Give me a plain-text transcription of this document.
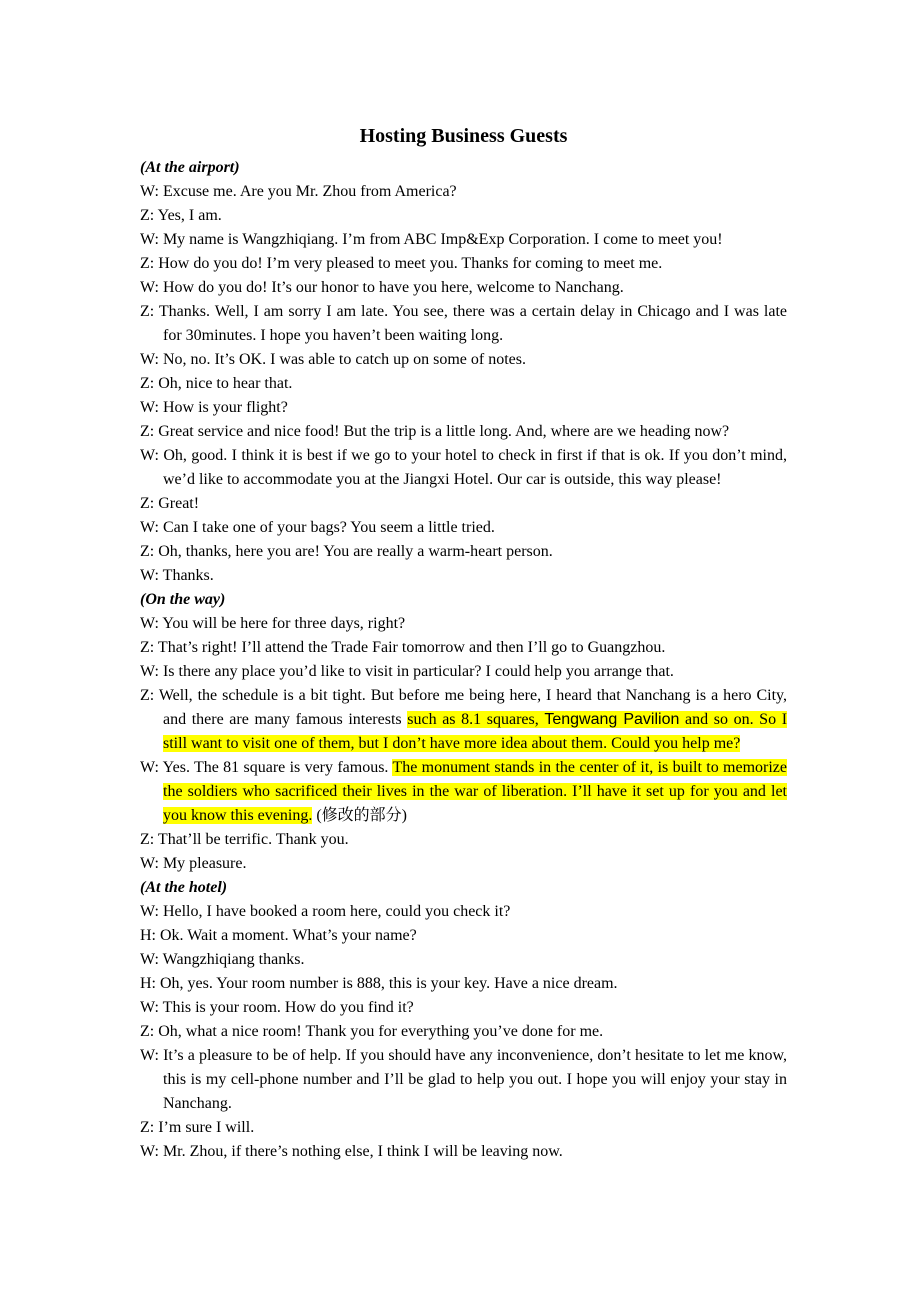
Hosting Business Guests

(At the airport)

W: Excuse me. Are you Mr. Zhou from America?

Z: Yes, I am.

W: My name is Wangzhiqiang. I’m from ABC Imp&Exp Corporation. I come to meet you!

Z: How do you do! I’m very pleased to meet you. Thanks for coming to meet me.

W: How do you do! It’s our honor to have you here, welcome to Nanchang.

Z: Thanks. Well, I am sorry I am late. You see, there was a certain delay in Chicago and I was late for 30minutes. I hope you haven’t been waiting long.

W: No, no. It’s OK. I was able to catch up on some of notes.

Z: Oh, nice to hear that.

W: How is your flight?

Z: Great service and nice food! But the trip is a little long. And, where are we heading now?

W: Oh, good. I think it is best if we go to your hotel to check in first if that is ok. If you don’t mind, we’d like to accommodate you at the Jiangxi Hotel. Our car is outside, this way please!

Z: Great!

W: Can I take one of your bags? You seem a little tried.

Z: Oh, thanks, here you are! You are really a warm-heart person.

W: Thanks.

(On the way)

W: You will be here for three days, right?

Z: That’s right! I’ll attend the Trade Fair tomorrow and then I’ll go to Guangzhou.

W: Is there any place you’d like to visit in particular? I could help you arrange that.

Z: Well, the schedule is a bit tight. But before me being here, I heard that Nanchang is a hero City, and there are many famous interests such as 8.1 squares, Tengwang Pavilion and so on. So I still want to visit one of them, but I don’t have more idea about them. Could you help me?

W: Yes. The 81 square is very famous. The monument stands in the center of it, is built to memorize the soldiers who sacrificed their lives in the war of liberation. I’ll have it set up for you and let you know this evening. (修改的部分)

Z: That’ll be terrific. Thank you.

W: My pleasure.

(At the hotel)

W: Hello, I have booked a room here, could you check it?

H: Ok. Wait a moment. What’s your name?

W: Wangzhiqiang thanks.

H: Oh, yes. Your room number is 888, this is your key. Have a nice dream.

W: This is your room. How do you find it?

Z: Oh, what a nice room! Thank you for everything you’ve done for me.

W: It’s a pleasure to be of help. If you should have any inconvenience, don’t hesitate to let me know, this is my cell-phone number and I’ll be glad to help you out. I hope you will enjoy your stay in Nanchang.

Z: I’m sure I will.

W: Mr. Zhou, if there’s nothing else, I think I will be leaving now.
